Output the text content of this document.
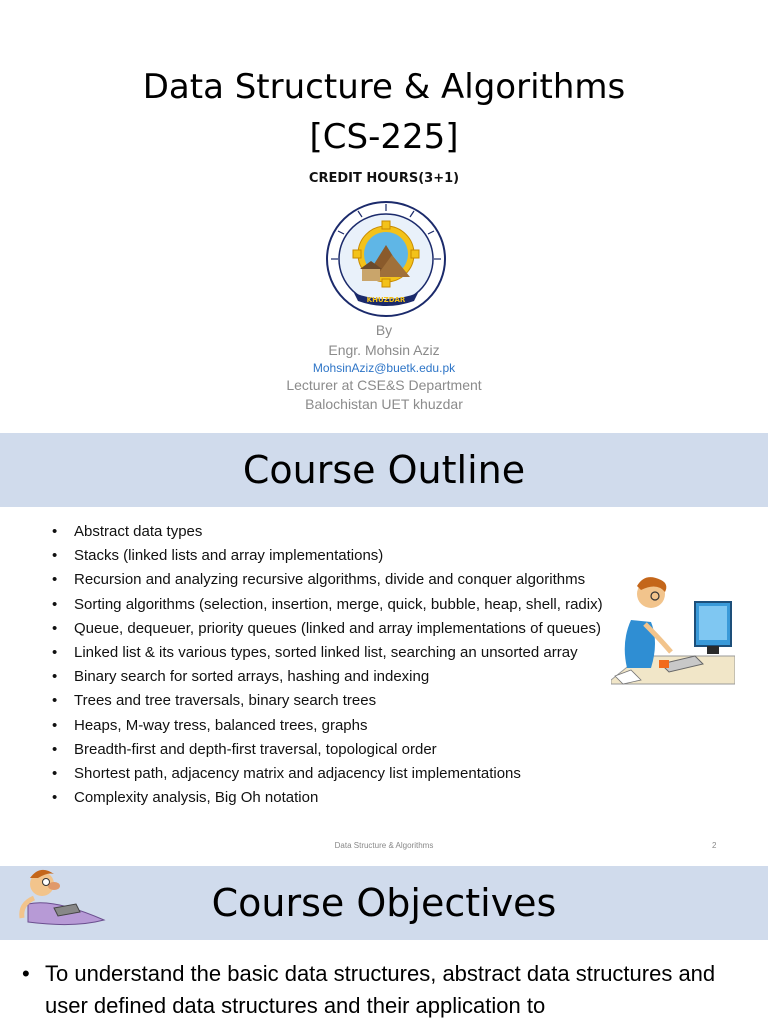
Data Structure & Algorithms
[CS-225]
CREDIT HOURS(3+1)
KHUZDAR
By
Engr. Mohsin Aziz
MohsinAziz@buetk.edu.pk
Lecturer at CSE&S Department
Balochistan UET khuzdar
Course Outline
• Abstract data types
• Stacks (linked lists and array implementations)
• Recursion and analyzing recursive algorithms, divide and conquer algorithms
• Sorting algorithms (selection, insertion, merge, quick, bubble, heap, shell, radix)
• Queue, dequeuer, priority queues (linked and array implementations of queues)
• Linked list & its various types, sorted linked list, searching an unsorted array
• Binary search for sorted arrays, hashing and indexing
• Trees and tree traversals, binary search trees
• Heaps, M-way tress, balanced trees, graphs
• Breadth-first and depth-first traversal, topological order
• Shortest path, adjacency matrix and adjacency list implementations
• Complexity analysis, Big Oh notation
Data Structure & Algorithms	2
Course Objectives
• To understand the basic data structures, abstract data structures and user defined data structures and their application to
